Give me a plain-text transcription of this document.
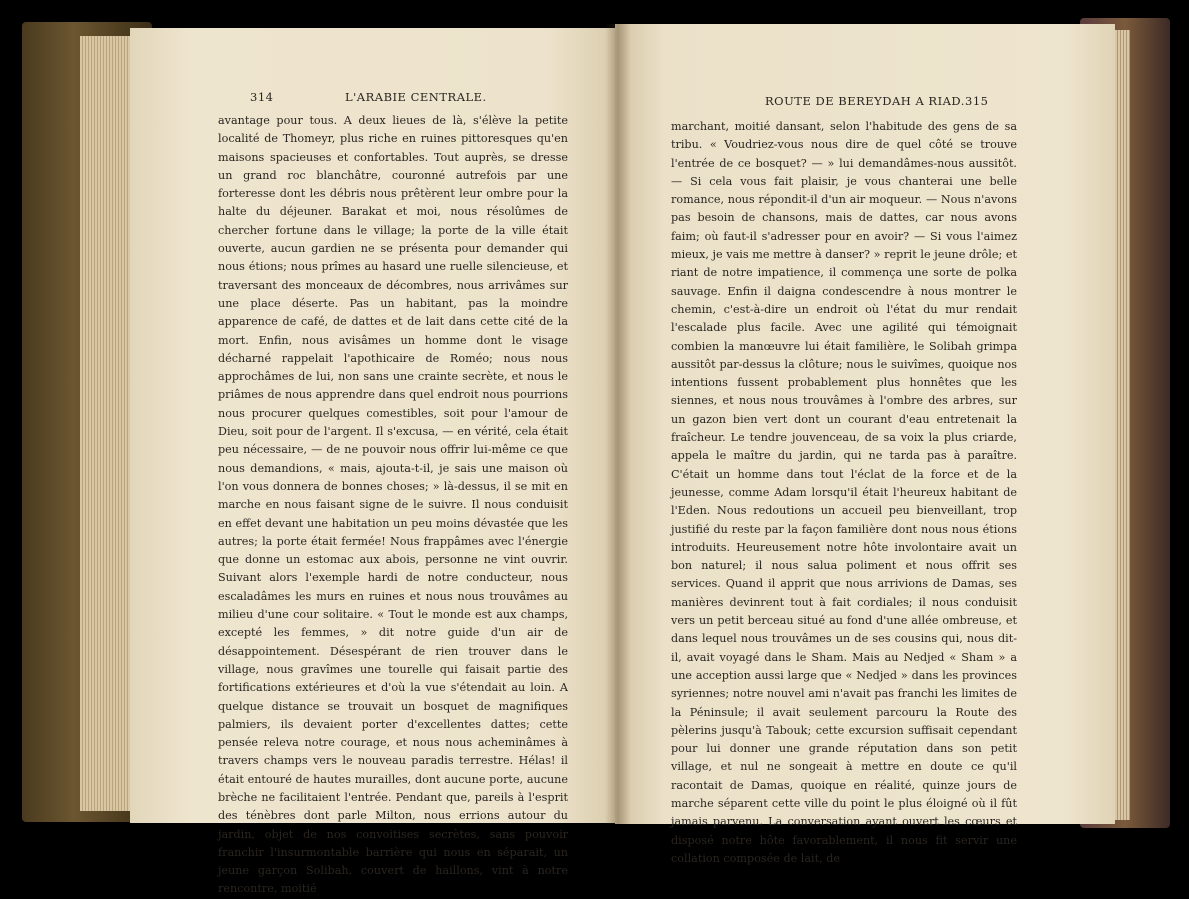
314	L'ARABIE CENTRALE.

avantage pour tous. A deux lieues de là, s'élève la petite localité de Thomeyr, plus riche en ruines pittoresques qu'en maisons spacieuses et confortables. Tout auprès, se dresse un grand roc blanchâtre, couronné autrefois par une forteresse dont les débris nous prêtèrent leur ombre pour la halte du déjeuner. Barakat et moi, nous résolûmes de chercher fortune dans le village; la porte de la ville était ouverte, aucun gardien ne se présenta pour demander qui nous étions; nous prîmes au hasard une ruelle silencieuse, et traversant des monceaux de décombres, nous arrivâmes sur une place déserte. Pas un habitant, pas la moindre apparence de café, de dattes et de lait dans cette cité de la mort. Enfin, nous avisâmes un homme dont le visage décharné rappelait l'apothicaire de Roméo; nous nous approchâmes de lui, non sans une crainte secrète, et nous le priâmes de nous apprendre dans quel endroit nous pourrions nous procurer quelques comestibles, soit pour l'amour de Dieu, soit pour de l'argent. Il s'excusa, — en vérité, cela était peu nécessaire, — de ne pouvoir nous offrir lui-même ce que nous demandions, « mais, ajouta-t-il, je sais une maison où l'on vous donnera de bonnes choses; » là-dessus, il se mit en marche en nous faisant signe de le suivre. Il nous conduisit en effet devant une habitation un peu moins dévastée que les autres; la porte était fermée! Nous frappâmes avec l'énergie que donne un estomac aux abois, personne ne vint ouvrir. Suivant alors l'exemple hardi de notre conducteur, nous escaladâmes les murs en ruines et nous nous trouvâmes au milieu d'une cour solitaire. « Tout le monde est aux champs, excepté les femmes, » dit notre guide d'un air de désappointement. Désespérant de rien trouver dans le village, nous gravîmes une tourelle qui faisait partie des fortifications extérieures et d'où la vue s'étendait au loin. A quelque distance se trouvait un bosquet de magnifiques palmiers, ils devaient porter d'excellentes dattes; cette pensée releva notre courage, et nous nous acheminâmes à travers champs vers le nouveau paradis terrestre. Hélas! il était entouré de hautes murailles, dont aucune porte, aucune brèche ne facilitaient l'entrée. Pendant que, pareils à l'esprit des ténèbres dont parle Milton, nous errions autour du jardin, objet de nos convoitises secrètes, sans pouvoir franchir l'insurmontable barrière qui nous en séparait, un jeune garçon Solibah, couvert de haillons, vint à notre rencontre, moitié

ROUTE DE BEREYDAH A RIAD. 315

marchant, moitié dansant, selon l'habitude des gens de sa tribu. « Voudriez-vous nous dire de quel côté se trouve l'entrée de ce bosquet? — » lui demandâmes-nous aussitôt. — Si cela vous fait plaisir, je vous chanterai une belle romance, nous répondit-il d'un air moqueur. — Nous n'avons pas besoin de chansons, mais de dattes, car nous avons faim; où faut-il s'adresser pour en avoir? — Si vous l'aimez mieux, je vais me mettre à danser? » reprit le jeune drôle; et riant de notre impatience, il commença une sorte de polka sauvage. Enfin il daigna condescendre à nous montrer le chemin, c'est-à-dire un endroit où l'état du mur rendait l'escalade plus facile. Avec une agilité qui témoignait combien la manœuvre lui était familière, le Solibah grimpa aussitôt par-dessus la clôture; nous le suivîmes, quoique nos intentions fussent probablement plus honnêtes que les siennes, et nous nous trouvâmes à l'ombre des arbres, sur un gazon bien vert dont un courant d'eau entretenait la fraîcheur. Le tendre jouvenceau, de sa voix la plus criarde, appela le maître du jardin, qui ne tarda pas à paraître. C'était un homme dans tout l'éclat de la force et de la jeunesse, comme Adam lorsqu'il était l'heureux habitant de l'Eden. Nous redoutions un accueil peu bienveillant, trop justifié du reste par la façon familière dont nous nous étions introduits. Heureusement notre hôte involontaire avait un bon naturel; il nous salua poliment et nous offrit ses services. Quand il apprit que nous arrivions de Damas, ses manières devinrent tout à fait cordiales; il nous conduisit vers un petit berceau situé au fond d'une allée ombreuse, et dans lequel nous trouvâmes un de ses cousins qui, nous dit-il, avait voyagé dans le Sham. Mais au Nedjed « Sham » a une acception aussi large que « Nedjed » dans les provinces syriennes; notre nouvel ami n'avait pas franchi les limites de la Péninsule; il avait seulement parcouru la Route des pèlerins jusqu'à Tabouk; cette excursion suffisait cependant pour lui donner une grande réputation dans son petit village, et nul ne songeait à mettre en doute ce qu'il racontait de Damas, quoique en réalité, quinze jours de marche séparent cette ville du point le plus éloigné où il fût jamais parvenu. La conversation ayant ouvert les cœurs et disposé notre hôte favorablement, il nous fit servir une collation composée de lait, de
